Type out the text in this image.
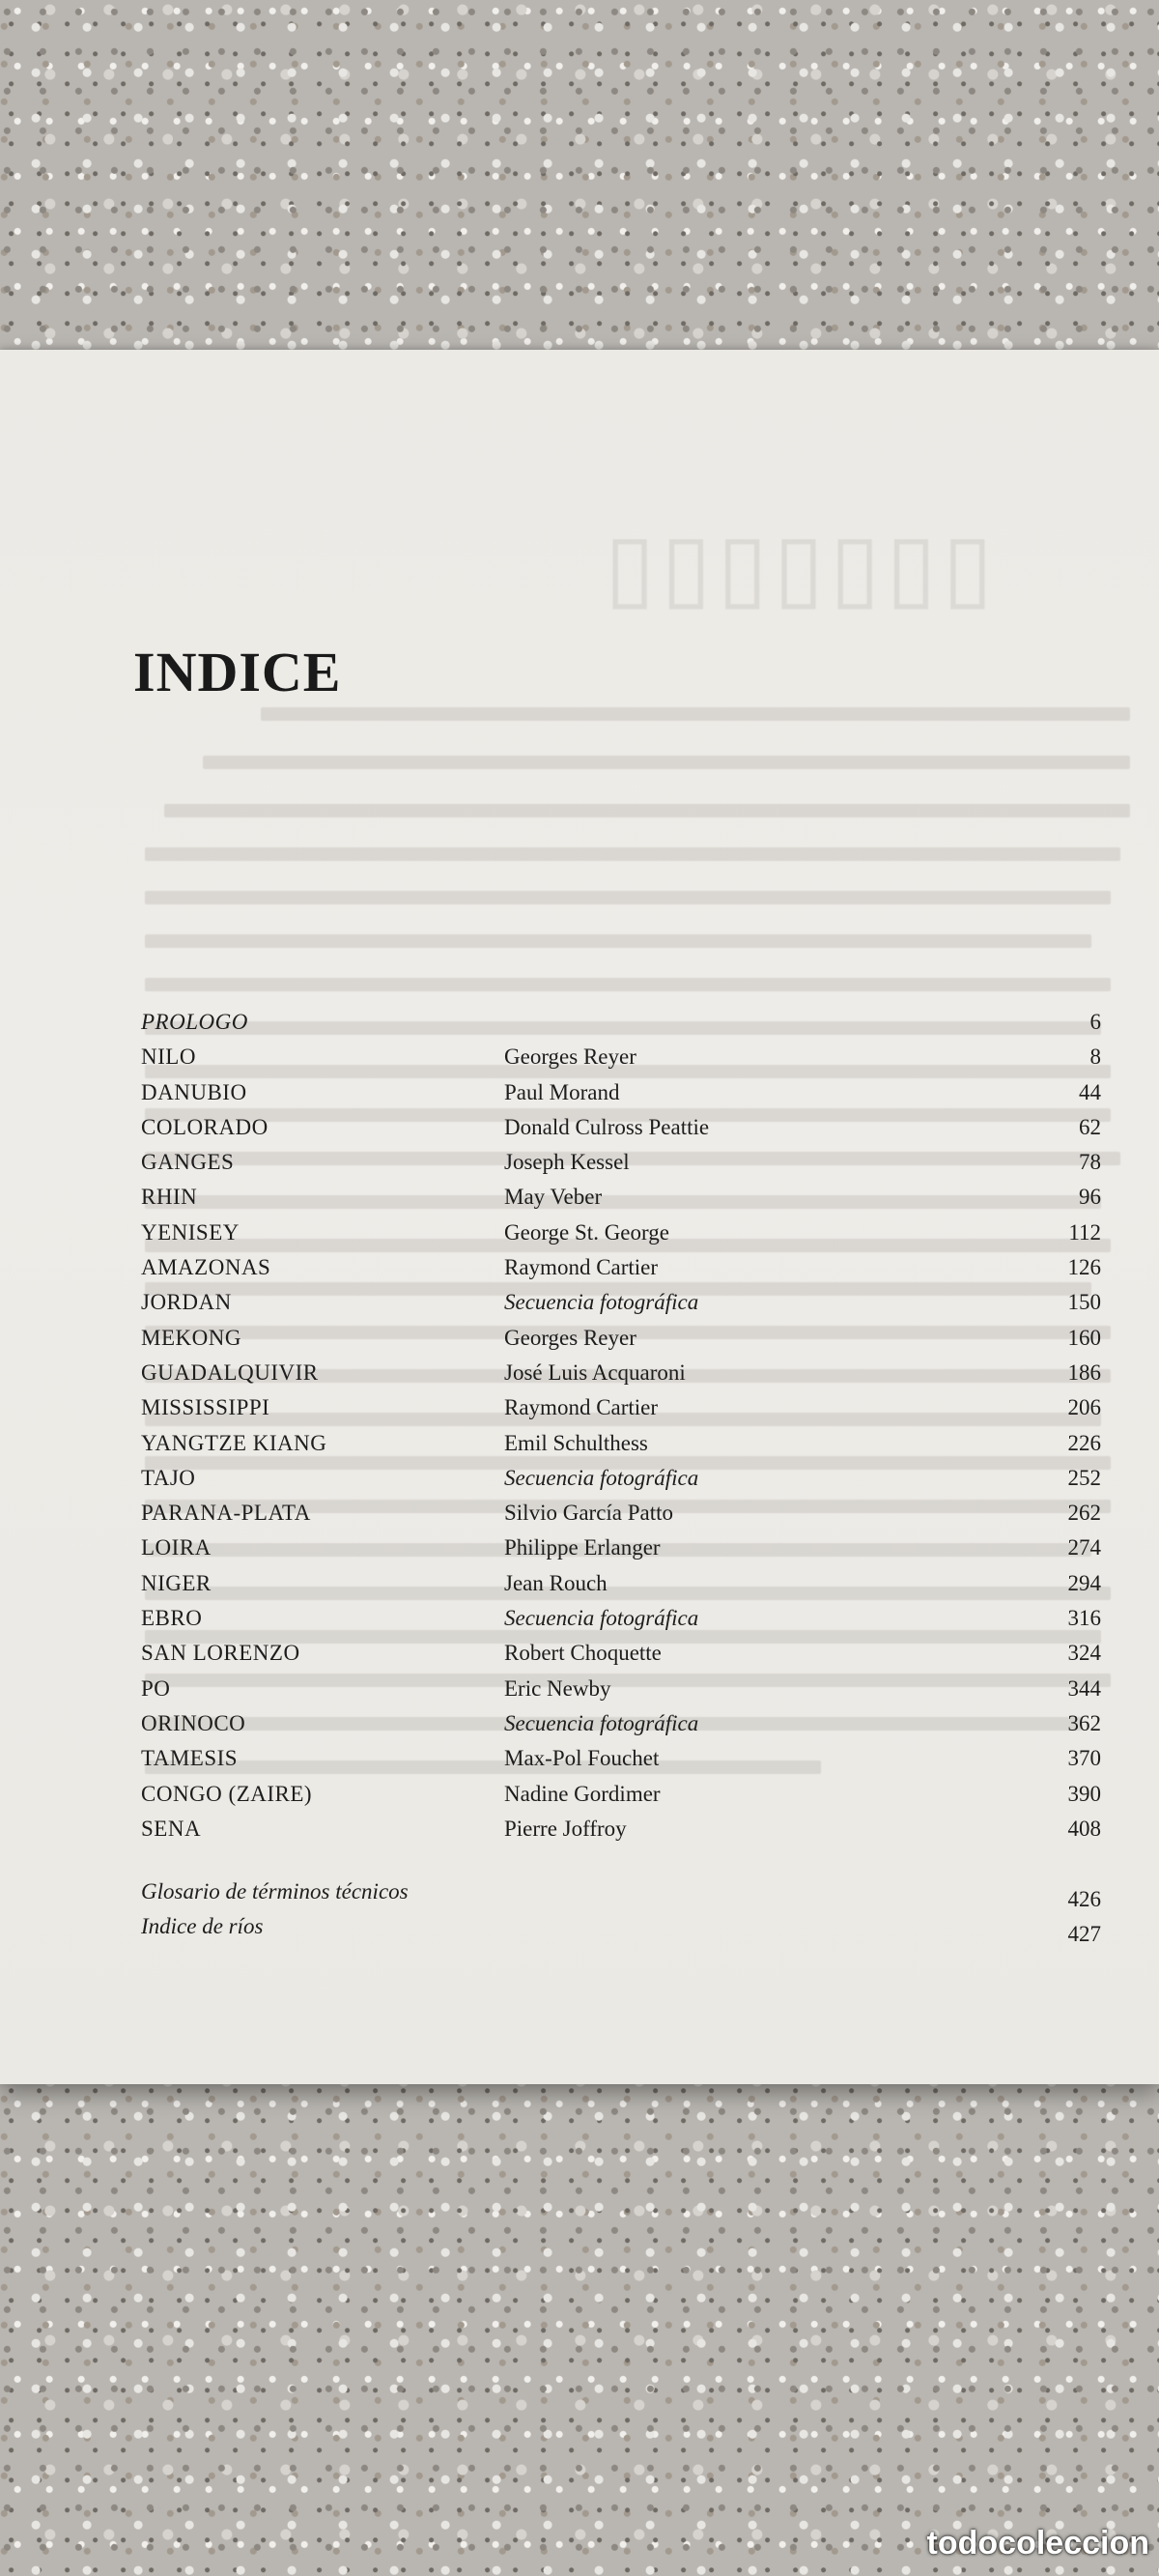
▯▯▯▯▯▯▯
INDICE
PROLOGO	6
NILO	Georges Reyer	8
DANUBIO	Paul Morand	44
COLORADO	Donald Culross Peattie	62
GANGES	Joseph Kessel	78
RHIN	May Veber	96
YENISEY	George St. George	112
AMAZONAS	Raymond Cartier	126
JORDAN	Secuencia fotográfica	150
MEKONG	Georges Reyer	160
GUADALQUIVIR	José Luis Acquaroni	186
MISSISSIPPI	Raymond Cartier	206
YANGTZE KIANG	Emil Schulthess	226
TAJO	Secuencia fotográfica	252
PARANA-PLATA	Silvio García Patto	262
LOIRA	Philippe Erlanger	274
NIGER	Jean Rouch	294
EBRO	Secuencia fotográfica	316
SAN LORENZO	Robert Choquette	324
PO	Eric Newby	344
ORINOCO	Secuencia fotográfica	362
TAMESIS	Max-Pol Fouchet	370
CONGO (ZAIRE)	Nadine Gordimer	390
SENA	Pierre Joffroy	408
Glosario de términos técnicos	426
Indice de ríos	427
todocoleccion
